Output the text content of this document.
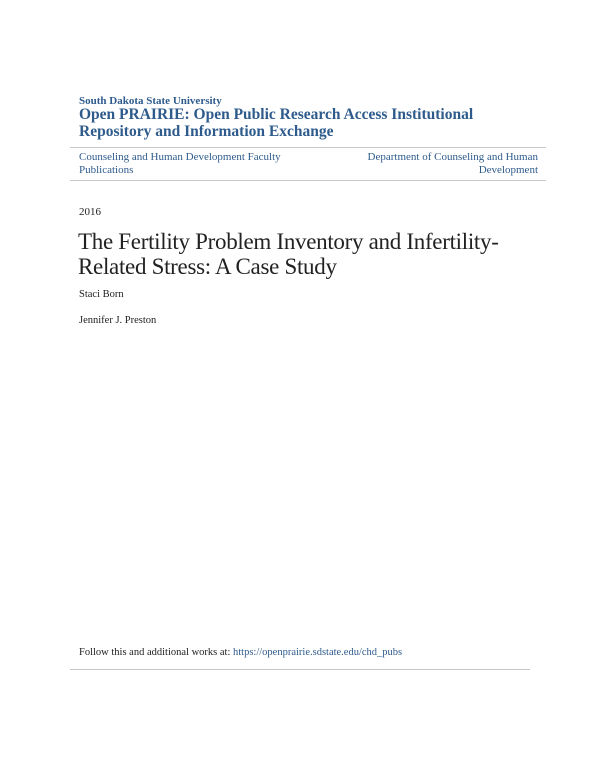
South Dakota State University
Open PRAIRIE: Open Public Research Access Institutional Repository and Information Exchange
Counseling and Human Development Faculty Publications
Department of Counseling and Human Development
2016
The Fertility Problem Inventory and Infertility-Related Stress: A Case Study
Staci Born
Jennifer J. Preston
Follow this and additional works at: https://openprairie.sdstate.edu/chd_pubs
